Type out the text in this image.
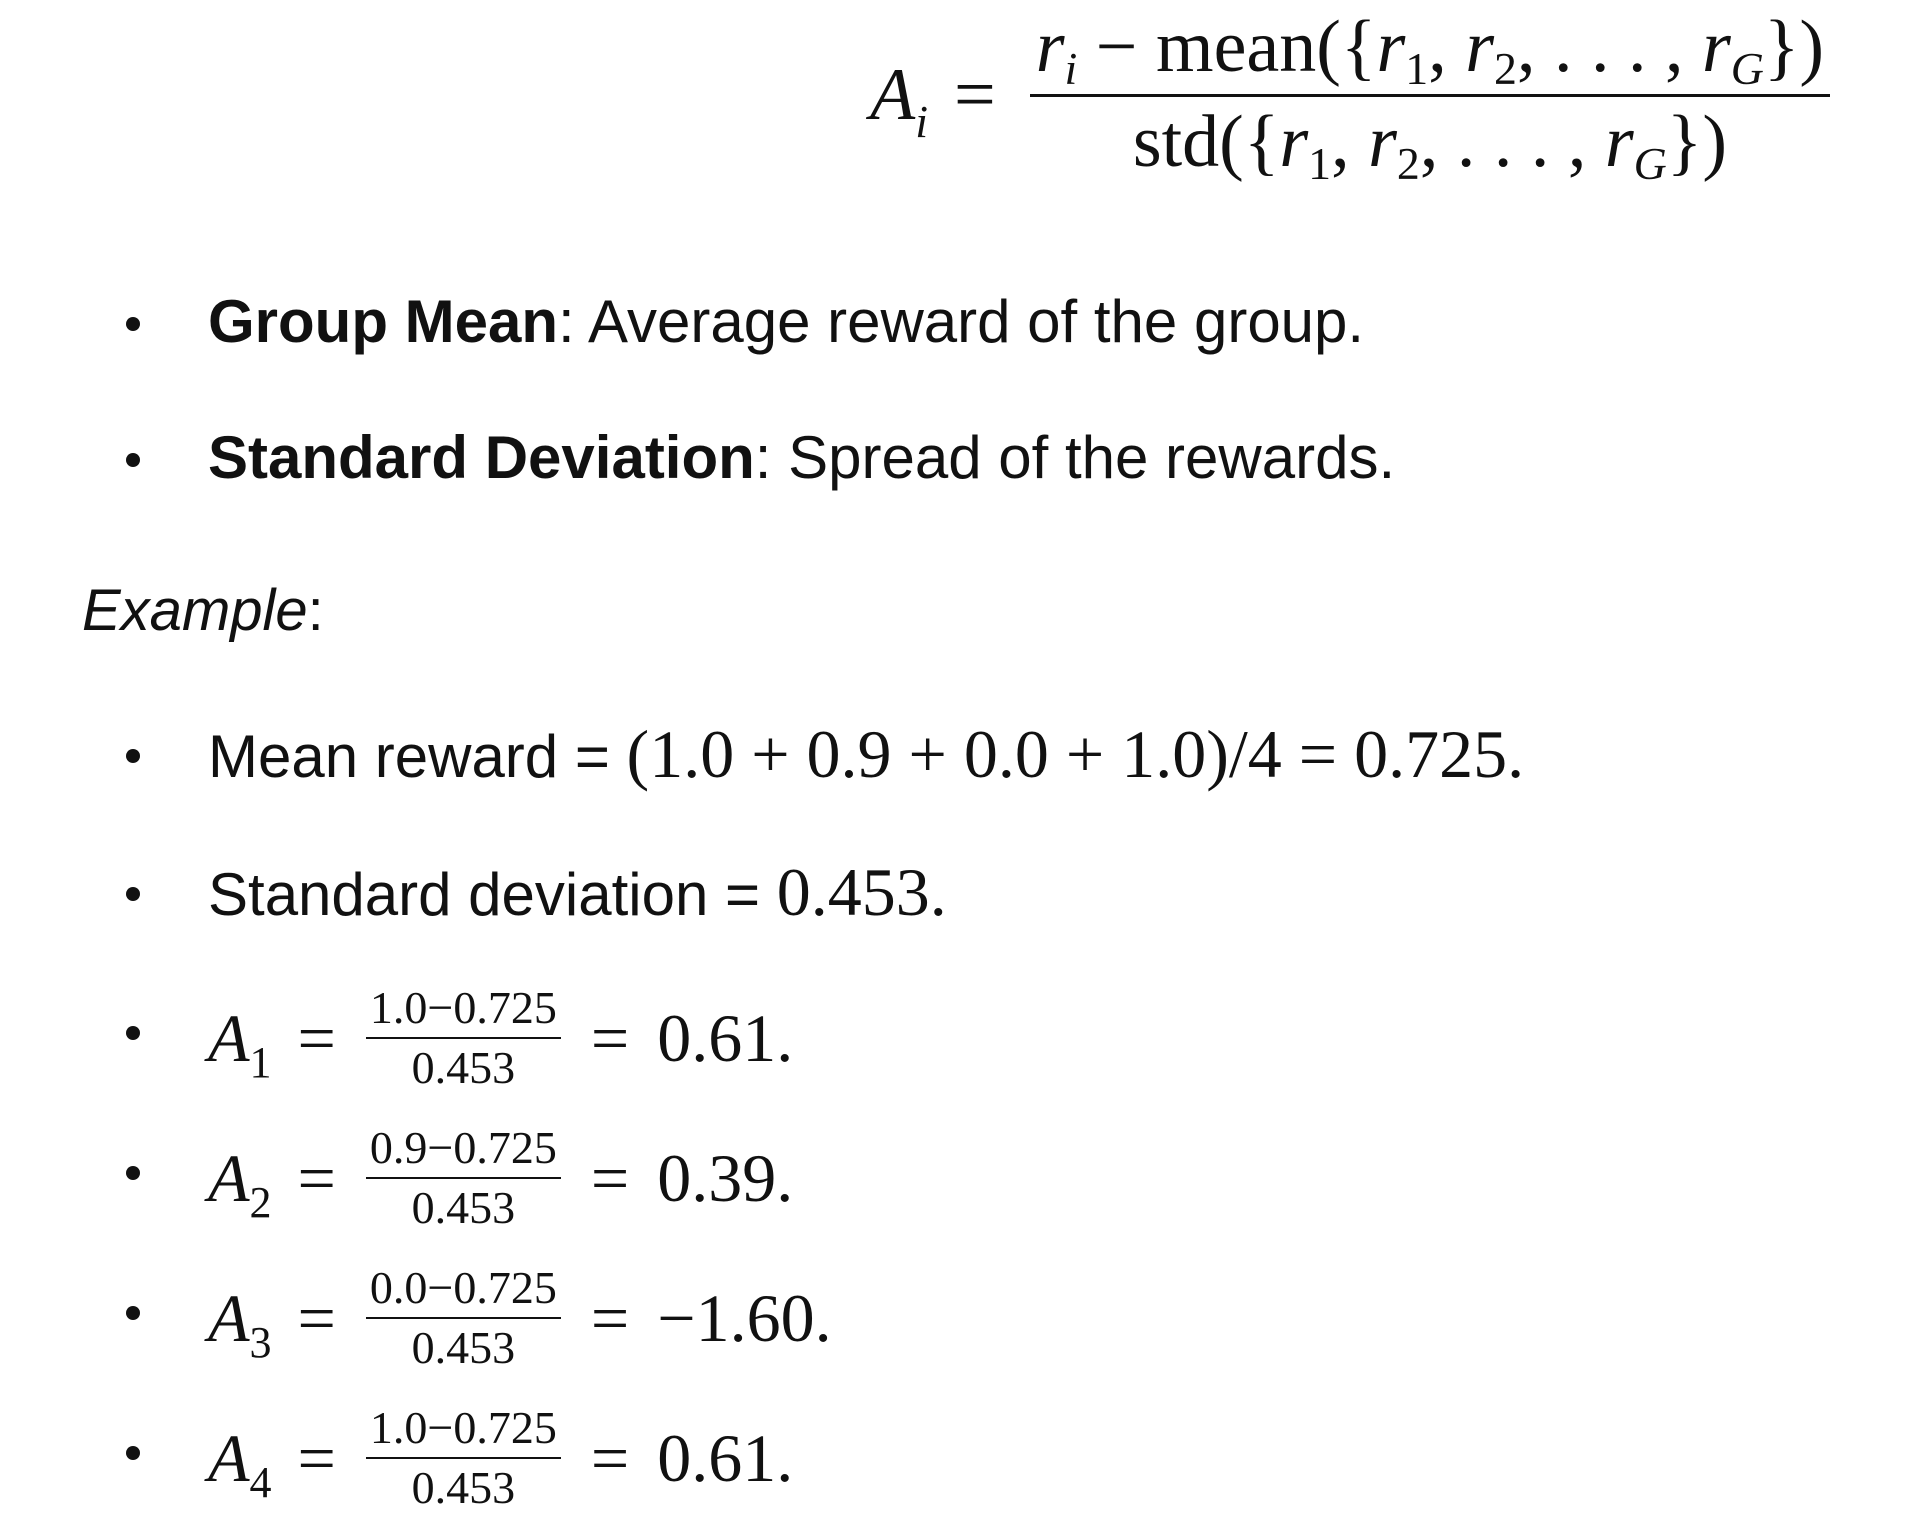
A $i = \frac{\text{ri − mean(\{r1, r2, . . . , rG\})}}{\text{std(\{r1, r2, . . . , rG\})}}$
Group Mean: Average reward of the group.
Standard Deviation: Spread of the rewards.
Example:
Mean reward = (1.0 + 0.9 + 0.0 + 1.0)/4 = 0.725.
Standard deviation = 0.453.
A $1 = \frac{1.0-0.725}{0.453} = 0.61$.
A $2 = \frac{0.9-0.725}{0.453} = 0.39$.
A $3 = \frac{0.0-0.725}{0.453} = -1.60$.
A $4 = \frac{1.0-0.725}{0.453} = 0.61$.
